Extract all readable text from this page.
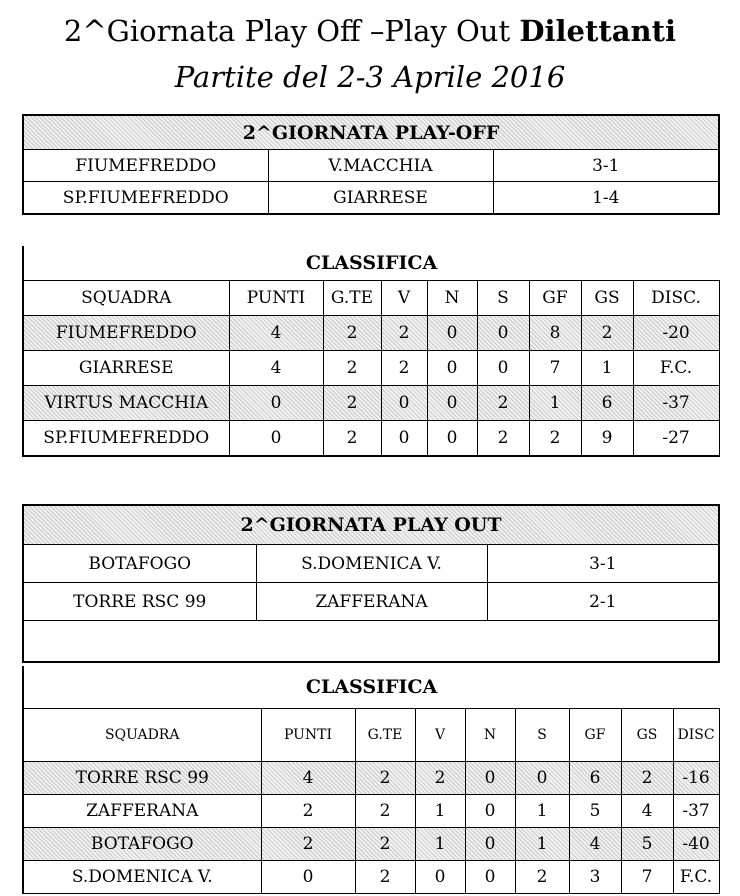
2^Giornata Play Off –Play Out Dilettanti
Partite del 2-3 Aprile 2016
2^GIORNATA PLAY-OFF		
FIUMEFREDDO	V.MACCHIA	3-1
SP.FIUMEFREDDO	GIARRESE	1-4
CLASSIFICA								
SQUADRA	PUNTI	G.TE	V	N	S	GF	GS	DISC.
FIUMEFREDDO	4	2	2	0	0	8	2	-20
GIARRESE	4	2	2	0	0	7	1	F.C.
VIRTUS MACCHIA	0	2	0	0	2	1	6	-37
SP.FIUMEFREDDO	0	2	0	0	2	2	9	-27
2^GIORNATA PLAY OUT		
BOTAFOGO	S.DOMENICA V.	3-1
TORRE RSC 99	ZAFFERANA	2-1

CLASSIFICA								
SQUADRA	PUNTI	G.TE	V	N	S	GF	GS	DISC
TORRE RSC 99	4	2	2	0	0	6	2	-16
ZAFFERANA	2	2	1	0	1	5	4	-37
BOTAFOGO	2	2	1	0	1	4	5	-40
S.DOMENICA V.	0	2	0	0	2	3	7	F.C.
